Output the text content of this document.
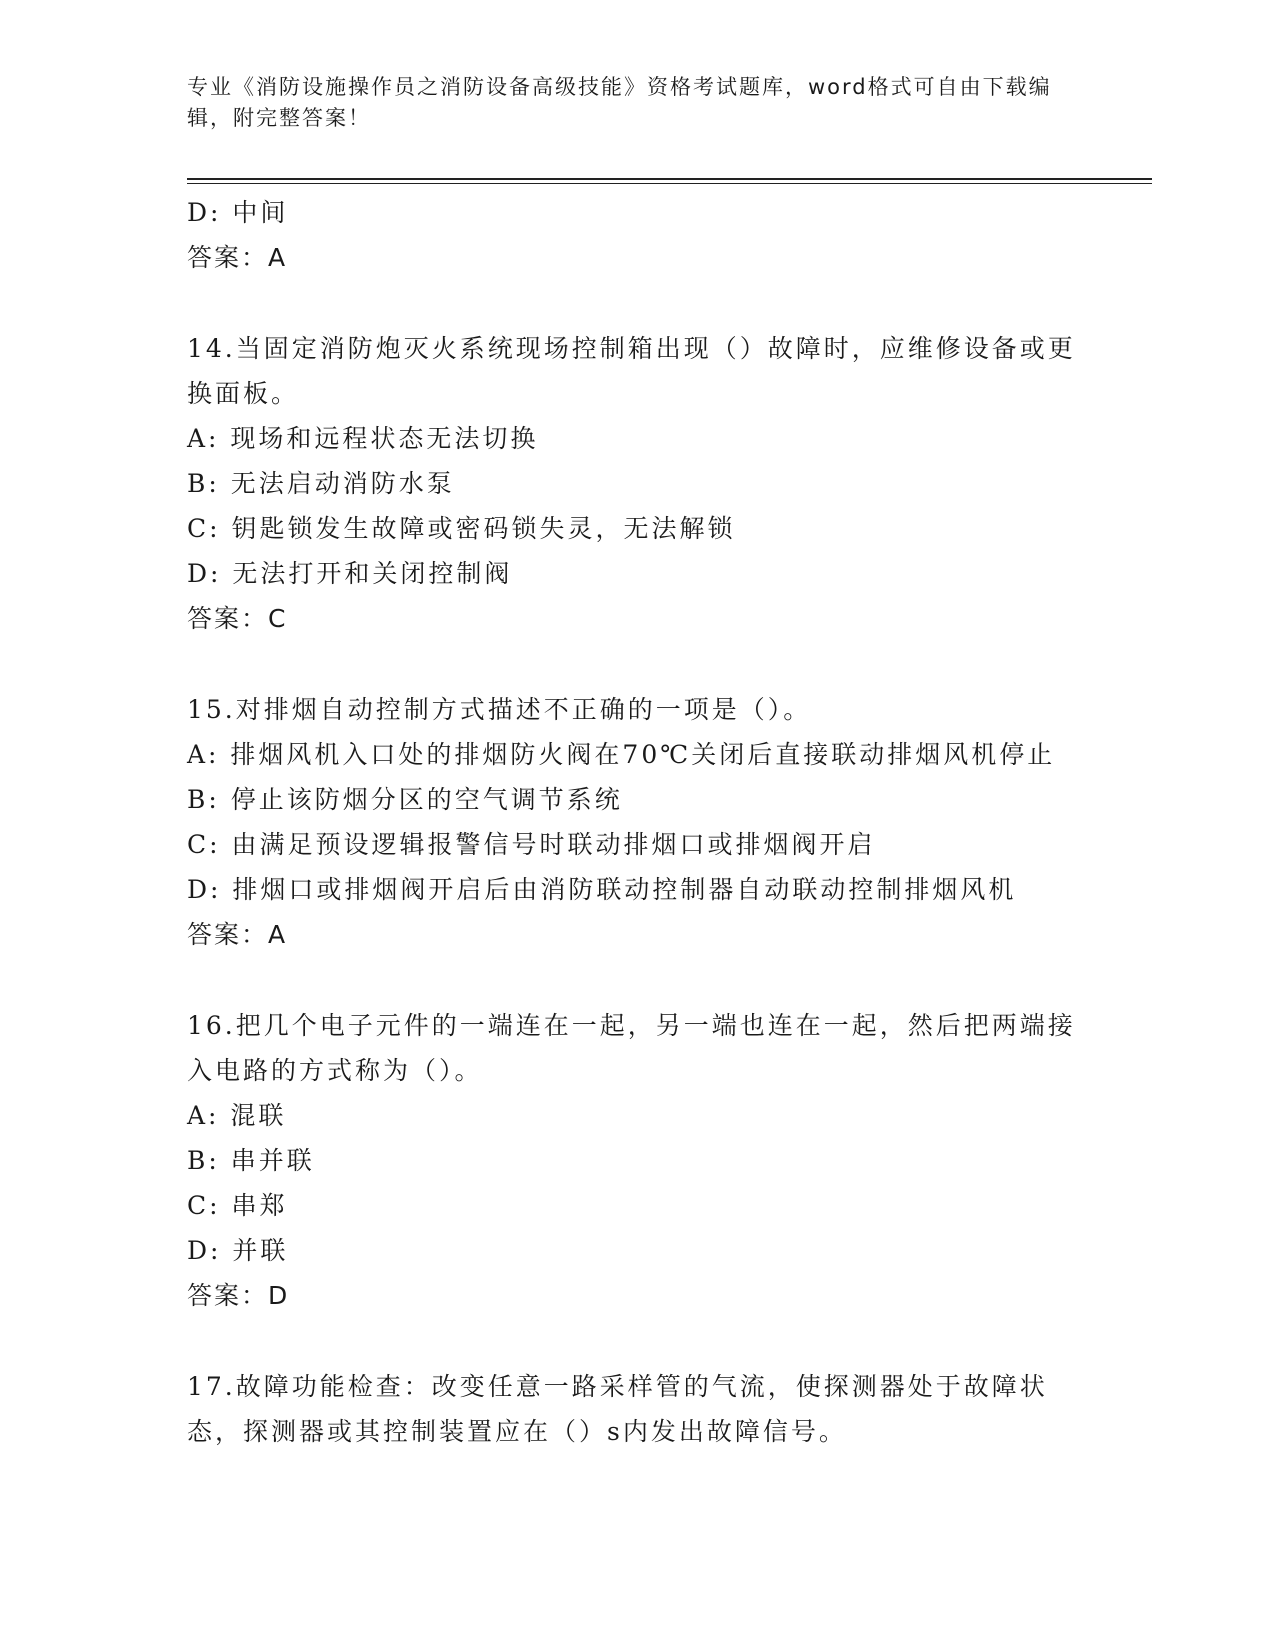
专业《消防设施操作员之消防设备高级技能》资格考试题库，word格式可自由下载编辑，附完整答案！
D: 中间
答案：A
14.当固定消防炮灭火系统现场控制箱出现（）故障时，应维修设备或更换面板。
A: 现场和远程状态无法切换
B: 无法启动消防水泵
C: 钥匙锁发生故障或密码锁失灵，无法解锁
D: 无法打开和关闭控制阀
答案：C
15.对排烟自动控制方式描述不正确的一项是（）。
A: 排烟风机入口处的排烟防火阀在70℃关闭后直接联动排烟风机停止
B: 停止该防烟分区的空气调节系统
C: 由满足预设逻辑报警信号时联动排烟口或排烟阀开启
D: 排烟口或排烟阀开启后由消防联动控制器自动联动控制排烟风机
答案：A
16.把几个电子元件的一端连在一起，另一端也连在一起，然后把两端接入电路的方式称为（）。
A: 混联
B: 串并联
C: 串郑
D: 并联
答案：D
17.故障功能检查：改变任意一路采样管的气流，使探测器处于故障状态，探测器或其控制装置应在（）s内发出故障信号。
